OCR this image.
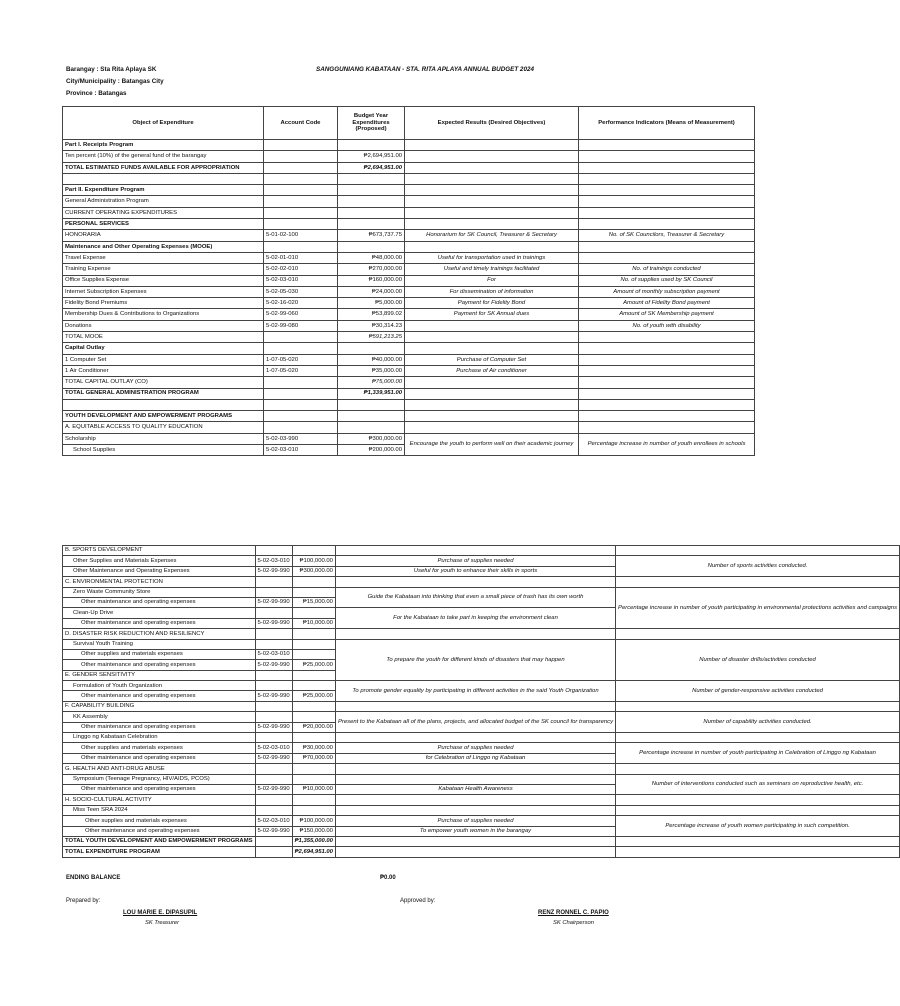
Barangay : Sta Rita Aplaya SK
City/Municipality : Batangas City
Province : Batangas
SANGGUNIANG KABATAAN - STA. RITA APLAYA ANNUAL BUDGET 2024
Object of Expenditure	Account Code	Budget Year Expenditures (Proposed)	Expected Results (Desired Objectives)	Performance Indicators (Means of Measurement)
Part I. Receipts Program				
Ten percent (10%) of the general fund of the barangay		₱2,694,951.00		
TOTAL ESTIMATED FUNDS AVAILABLE FOR APPROPRIATION		₱2,694,951.00		

Part II. Expenditure Program				
General Administration Program				
CURRENT OPERATING EXPENDITURES				
PERSONAL SERVICES				
HONORARIA	5-01-02-100	₱673,737.75	Honorarium for SK Council, Treasurer & Secretary	No. of SK Councilors, Treasurer & Secretary
Maintenance and Other Operating Expenses (MOOE)				
Travel Expense	5-02-01-010	₱48,000.00	Useful for transportation used in trainings	
Training Expense	5-02-02-010	₱270,000.00	Useful and timely trainings facilitated	No. of trainings conducted
Office Supplies Expense	5-02-03-010	₱160,000.00	For	No. of supplies used by SK Council
Internet Subscription Expenses	5-02-05-030	₱24,000.00	For dissemination of information	Amount of monthly subscription payment
Fidelity Bond Premiums	5-02-16-020	₱5,000.00	Payment for Fidelity Bond	Amount of Fidelity Bond payment
Membership Dues & Contributions to Organizations	5-02-99-060	₱53,899.02	Payment for SK Annual dues	Amount of SK Membership payment
Donations	5-02-99-080	₱30,314.23		No. of youth with disability
TOTAL MOOE		₱591,213.25		
Capital Outlay				
1 Computer Set	1-07-05-020	₱40,000.00	Purchase of Computer Set	
1 Air Conditioner	1-07-05-020	₱35,000.00	Purchase of Air conditioner	
TOTAL CAPITAL OUTLAY (CO)		₱75,000.00		
TOTAL GENERAL ADMINISTRATION PROGRAM		₱1,339,951.00		

YOUTH DEVELOPMENT AND EMPOWERMENT PROGRAMS				
A. EQUITABLE ACCESS TO QUALITY EDUCATION				
Scholarship	5-02-03-990	₱300,000.00	Encourage the youth to perform well on their academic journey	Percentage increase in number of youth enrollees in schools
School Supplies	5-02-03-010	₱200,000.00		
B. SPORTS DEVELOPMENT				
Other Supplies and Materials Expenses	5-02-03-010	₱100,000.00	Purchase of supplies needed	Number of sports activities conducted.
Other Maintenance and Operating Expenses	5-02-99-990	₱300,000.00	Useful for youth to enhance their skills in sports	
C. ENVIRONMENTAL PROTECTION				
Zero Waste Community Store			Guide the Kabataan into thinking that even a small piece of trash has its own worth	Percentage increase in number of youth participating in environmental protections activities and campaigns
Other maintenance and operating expenses	5-02-99-990	₱15,000.00		
Clean-Up Drive			For the Kabataan to take part in keeping the environment clean	
Other maintenance and operating expenses	5-02-99-990	₱10,000.00		
D. DISASTER RISK REDUCTION AND RESILIENCY				
Survival Youth Training			To prepare the youth for different kinds of disasters that may happen	Number of disaster drills/activities conducted
Other supplies and materials expenses	5-02-03-010			
Other maintenance and operating expenses	5-02-99-990	₱25,000.00		
E. GENDER SENSITIVITY				
Formulation of Youth Organization			To promote gender equality by participating in different activities in the said Youth Organization	Number of gender-responsive activities conducted
Other maintenance and operating expenses	5-02-99-990	₱25,000.00		
F. CAPABILITY BUILDING				
KK Assembly			Present to the Kabataan all of the plans, projects, and allocated budget of the SK council for transparency	Number of capability activities conducted.
Other maintenance and operating expenses	5-02-99-990	₱20,000.00		
Linggo ng Kabataan Celebration				
Other supplies and materials expenses	5-02-03-010	₱30,000.00	Purchase of supplies needed	Percentage increase in number of youth participating in Celebration of Linggo ng Kabataan
Other maintenance and operating expenses	5-02-99-990	₱70,000.00	for Celebration of Linggo ng Kabataan	
G. HEALTH AND ANTI-DRUG ABUSE				
Symposium (Teenage Pregnancy, HIV/AIDS, PCOS)				Number of interventions conducted such as seminars on reproductive health, etc.
Other maintenance and operating expenses	5-02-99-990	₱10,000.00	Kabataan Health Awareness	
H. SOCIO-CULTURAL ACTIVITY				
Miss Teen SRA 2024				
Other supplies and materials expenses	5-02-03-010	₱100,000.00	Purchase of supplies needed	Percentage increase of youth women participating in such competition.
Other maintenance and operating expenses	5-02-99-990	₱150,000.00	To empower youth women in the barangay	
TOTAL YOUTH DEVELOPMENT AND EMPOWERMENT PROGRAMS		₱1,355,000.00		
TOTAL EXPENDITURE PROGRAM		₱2,694,951.00		
ENDING BALANCE	₱0.00
Prepared by:	Approved by:
LOU MARIE E. DIPASUPIL
SK Treasurer
RENZ RONNEL C. PAPIO
SK Chairperson
